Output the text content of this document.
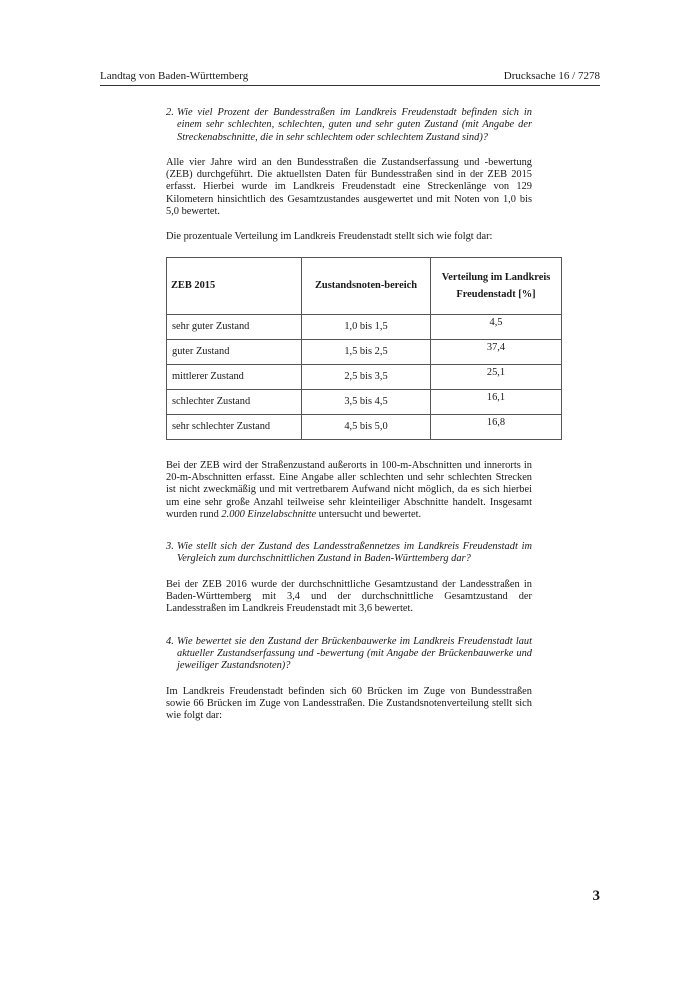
Landtag von Baden-Württemberg	Drucksache 16 / 7278
2. Wie viel Prozent der Bundesstraßen im Landkreis Freudenstadt befinden sich in einem sehr schlechten, schlechten, guten und sehr guten Zustand (mit Angabe der Streckenabschnitte, die in sehr schlechtem oder schlechtem Zustand sind)?

Alle vier Jahre wird an den Bundesstraßen die Zustandserfassung und -bewertung (ZEB) durchgeführt. Die aktuellsten Daten für Bundesstraßen sind in der ZEB 2015 erfasst. Hierbei wurde im Landkreis Freudenstadt eine Streckenlänge von 129 Kilometern hinsichtlich des Gesamtzustandes ausgewertet und mit Noten von 1,0 bis 5,0 bewertet.

Die prozentuale Verteilung im Landkreis Freudenstadt stellt sich wie folgt dar:

ZEB 2015	Zustandsnoten-bereich	Verteilung im Landkreis Freudenstadt [%]
sehr guter Zustand	1,0 bis 1,5	4,5
guter Zustand	1,5 bis 2,5	37,4
mittlerer Zustand	2,5 bis 3,5	25,1
schlechter Zustand	3,5 bis 4,5	16,1
sehr schlechter Zustand	4,5 bis 5,0	16,8

Bei der ZEB wird der Straßenzustand außerorts in 100-m-Abschnitten und innerorts in 20-m-Abschnitten erfasst. Eine Angabe aller schlechten und sehr schlechten Strecken ist nicht zweckmäßig und mit vertretbarem Aufwand nicht möglich, da es sich hierbei um eine sehr große Anzahl teilweise sehr kleinteiliger Abschnitte handelt. Insgesamt wurden rund 2.000 Einzelabschnitte untersucht und bewertet.

3. Wie stellt sich der Zustand des Landesstraßennetzes im Landkreis Freudenstadt im Vergleich zum durchschnittlichen Zustand in Baden-Württemberg dar?

Bei der ZEB 2016 wurde der durchschnittliche Gesamtzustand der Landesstraßen in Baden-Württemberg mit 3,4 und der durchschnittliche Gesamtzustand der Landesstraßen im Landkreis Freudenstadt mit 3,6 bewertet.

4. Wie bewertet sie den Zustand der Brückenbauwerke im Landkreis Freudenstadt laut aktueller Zustandserfassung und -bewertung (mit Angabe der Brückenbauwerke und jeweiliger Zustandsnoten)?

Im Landkreis Freudenstadt befinden sich 60 Brücken im Zuge von Bundesstraßen sowie 66 Brücken im Zuge von Landesstraßen. Die Zustandsnotenverteilung stellt sich wie folgt dar:

3
